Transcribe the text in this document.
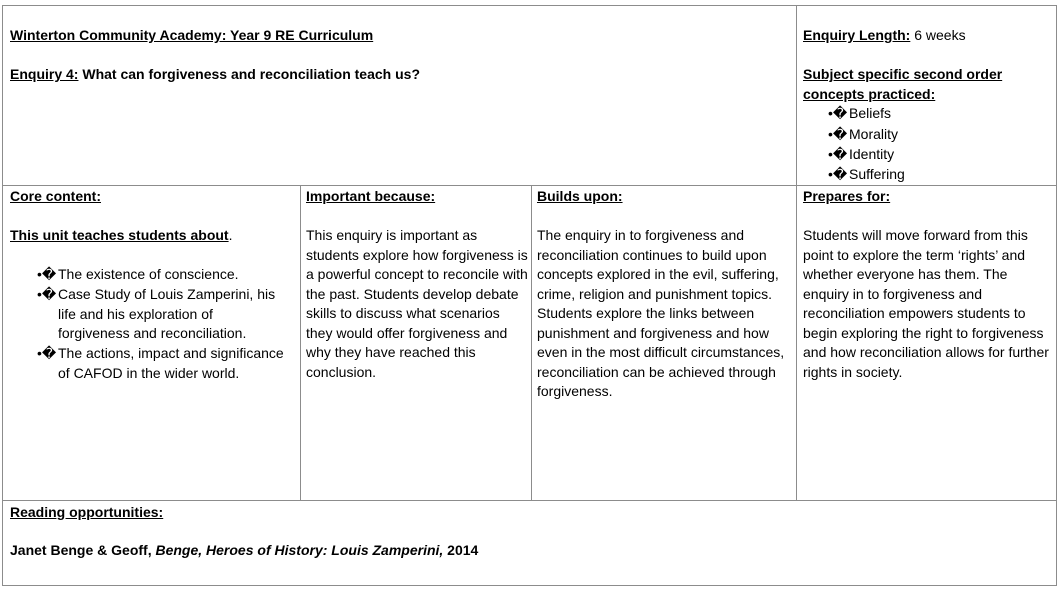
Winterton Community Academy: Year 9 RE Curriculum
Enquiry 4: What can forgiveness and reconciliation teach us?
Enquiry Length: 6 weeks
Subject specific second order concepts practiced:
•� Beliefs
•� Morality
•� Identity
•� Suffering
Core content:
This unit teaches students about.
•� The existence of conscience.
•� Case Study of Louis Zamperini, his life and his exploration of forgiveness and reconciliation.
•� The actions, impact and significance of CAFOD in the wider world.
Important because:
This enquiry is important as students explore how forgiveness is a powerful concept to reconcile with the past. Students develop debate skills to discuss what scenarios they would offer forgiveness and why they have reached this conclusion.
Builds upon:
The enquiry in to forgiveness and reconciliation continues to build upon concepts explored in the evil, suffering, crime, religion and punishment topics. Students explore the links between punishment and forgiveness and how even in the most difficult circumstances, reconciliation can be achieved through forgiveness.
Prepares for:
Students will move forward from this point to explore the term ‘rights’ and whether everyone has them. The enquiry in to forgiveness and reconciliation empowers students to begin exploring the right to forgiveness and how reconciliation allows for further rights in society.
Reading opportunities:
Janet Benge & Geoff, Benge, Heroes of History: Louis Zamperini, 2014
